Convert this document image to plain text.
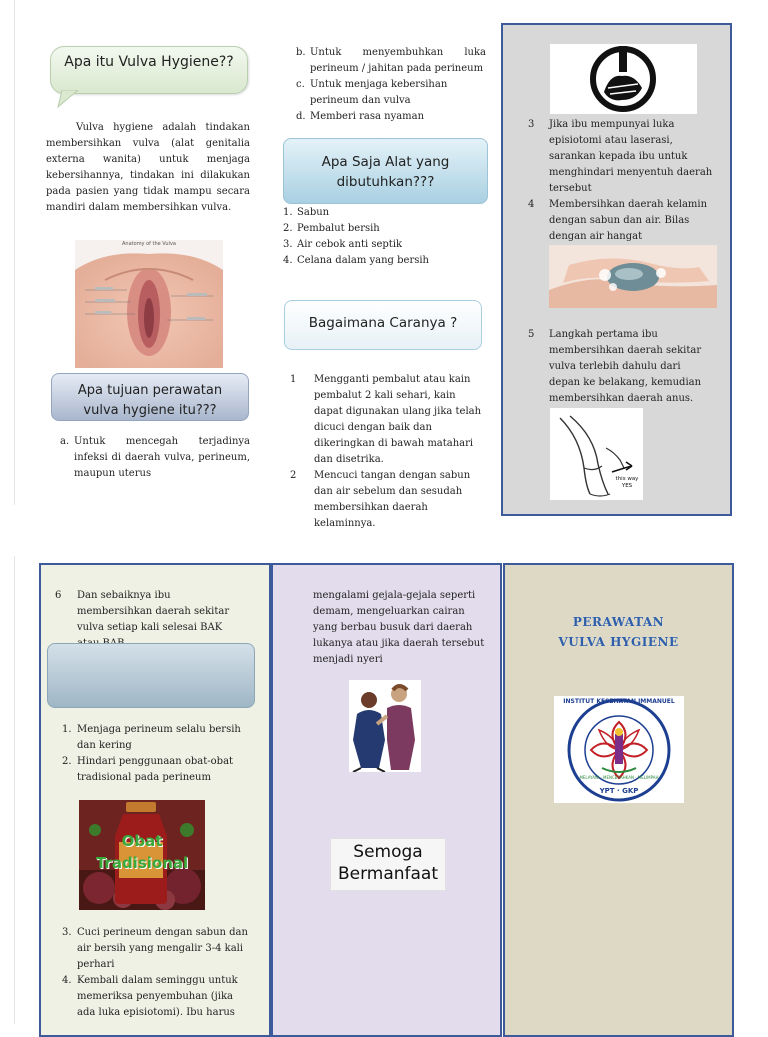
Apa itu Vulva Hygiene??

Vulva hygiene adalah tindakan membersihkan vulva (alat genitalia externa wanita) untuk menjaga kebersihannya, tindakan ini dilakukan pada pasien yang tidak mampu secara mandiri dalam membersihkan vulva.

Anatomy of the Vulva
Apa tujuan perawatan vulva hygiene itu???
a. Untuk mencegah terjadinya infeksi di daerah vulva, perineum, maupun uterus
b. Untuk menyembuhkan luka perineum / jahitan pada perineum
c. Untuk menjaga kebersihan perineum dan vulva
d. Memberi rasa nyaman
Apa Saja Alat yang dibutuhkan???
1. Sabun
2. Pembalut bersih
3. Air cebok anti septik
4. Celana dalam yang bersih
Bagaimana Caranya ?
1	Mengganti pembalut atau kain pembalut 2 kali sehari, kain dapat digunakan ulang jika telah dicuci dengan baik dan dikeringkan di bawah matahari dan disetrika.
2	Mencuci tangan dengan sabun dan air sebelum dan sesudah membersihkan daerah kelaminnya.
3	Jika ibu mempunyai luka episiotomi atau laserasi, sarankan kepada ibu untuk menghindari menyentuh daerah tersebut
4	Membersihkan daerah kelamin dengan sabun dan air. Bilas dengan air hangat
5	Langkah pertama ibu membersihkan daerah sekitar vulva terlebih dahulu dari depan ke belakang, kemudian membersihkan daerah anus.
this way YES
6	Dan sebaiknya ibu membersihkan daerah sekitar vulva setiap kali selesai BAK
1. Menjaga perineum selalu bersih dan kering
2. Hindari penggunaan obat-obat tradisional pada perineum
Obat
Tradisional
3. Cuci perineum dengan sabun dan air bersih yang mengalir 3-4 kali perhari
4. Kembali dalam seminggu untuk memeriksa penyembuhan (jika ada luka episiotomi). Ibu harus

mengalami gejala-gejala seperti demam, mengeluarkan cairan yang berbau busuk dari daerah lukanya atau jika daerah tersebut menjadi nyeri

Semoga
Bermanfaat
PERAWATAN
VULVA HYGIENE
INSTITUT KESEHATAN IMMANUEL
MELAYANI · MENCERAHKAN · MELIMPAH
YPT · GKP
